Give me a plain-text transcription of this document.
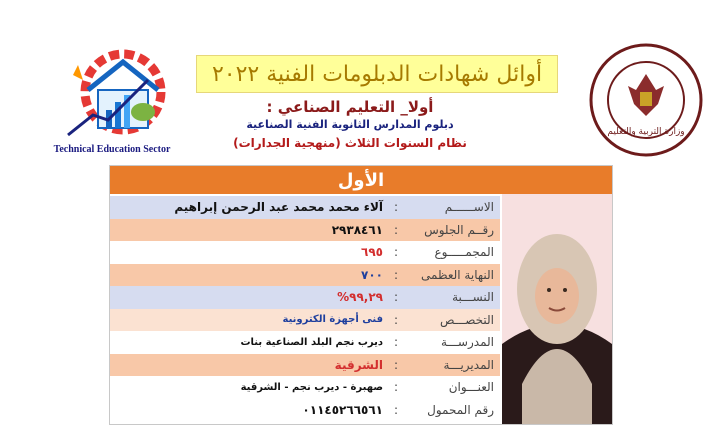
أوائل شهادات الدبلومات الفنية ٢٠٢٢
Technical Education Sector
وزارة التربية والتعليم
أولا_ التعليم الصناعي :
دبلوم المدارس الثانوية الفنية الصناعية
نظام السنوات الثلاث (منهجية الجدارات)
الأول
الاســــــم
:
آلاء محمد محمد عبد الرحمن إبراهيم
رقــم الجلوس
:
٢٩٣٨٤٦١
المجمـــــوع
:
٦٩٥
النهاية العظمى
:
٧٠٠
النســـبة
:
٩٩,٢٩%
التخصـــص
:
فنى أجهزة الكترونية
المدرســـة
:
ديرب نجم البلد الصناعية بنات
المديريـــة
:
الشرقية
العنـــوان
:
صهبرة - ديرب نجم - الشرقية
رقم المحمول
:
٠١١٤٥٢٦٦٥٦١
